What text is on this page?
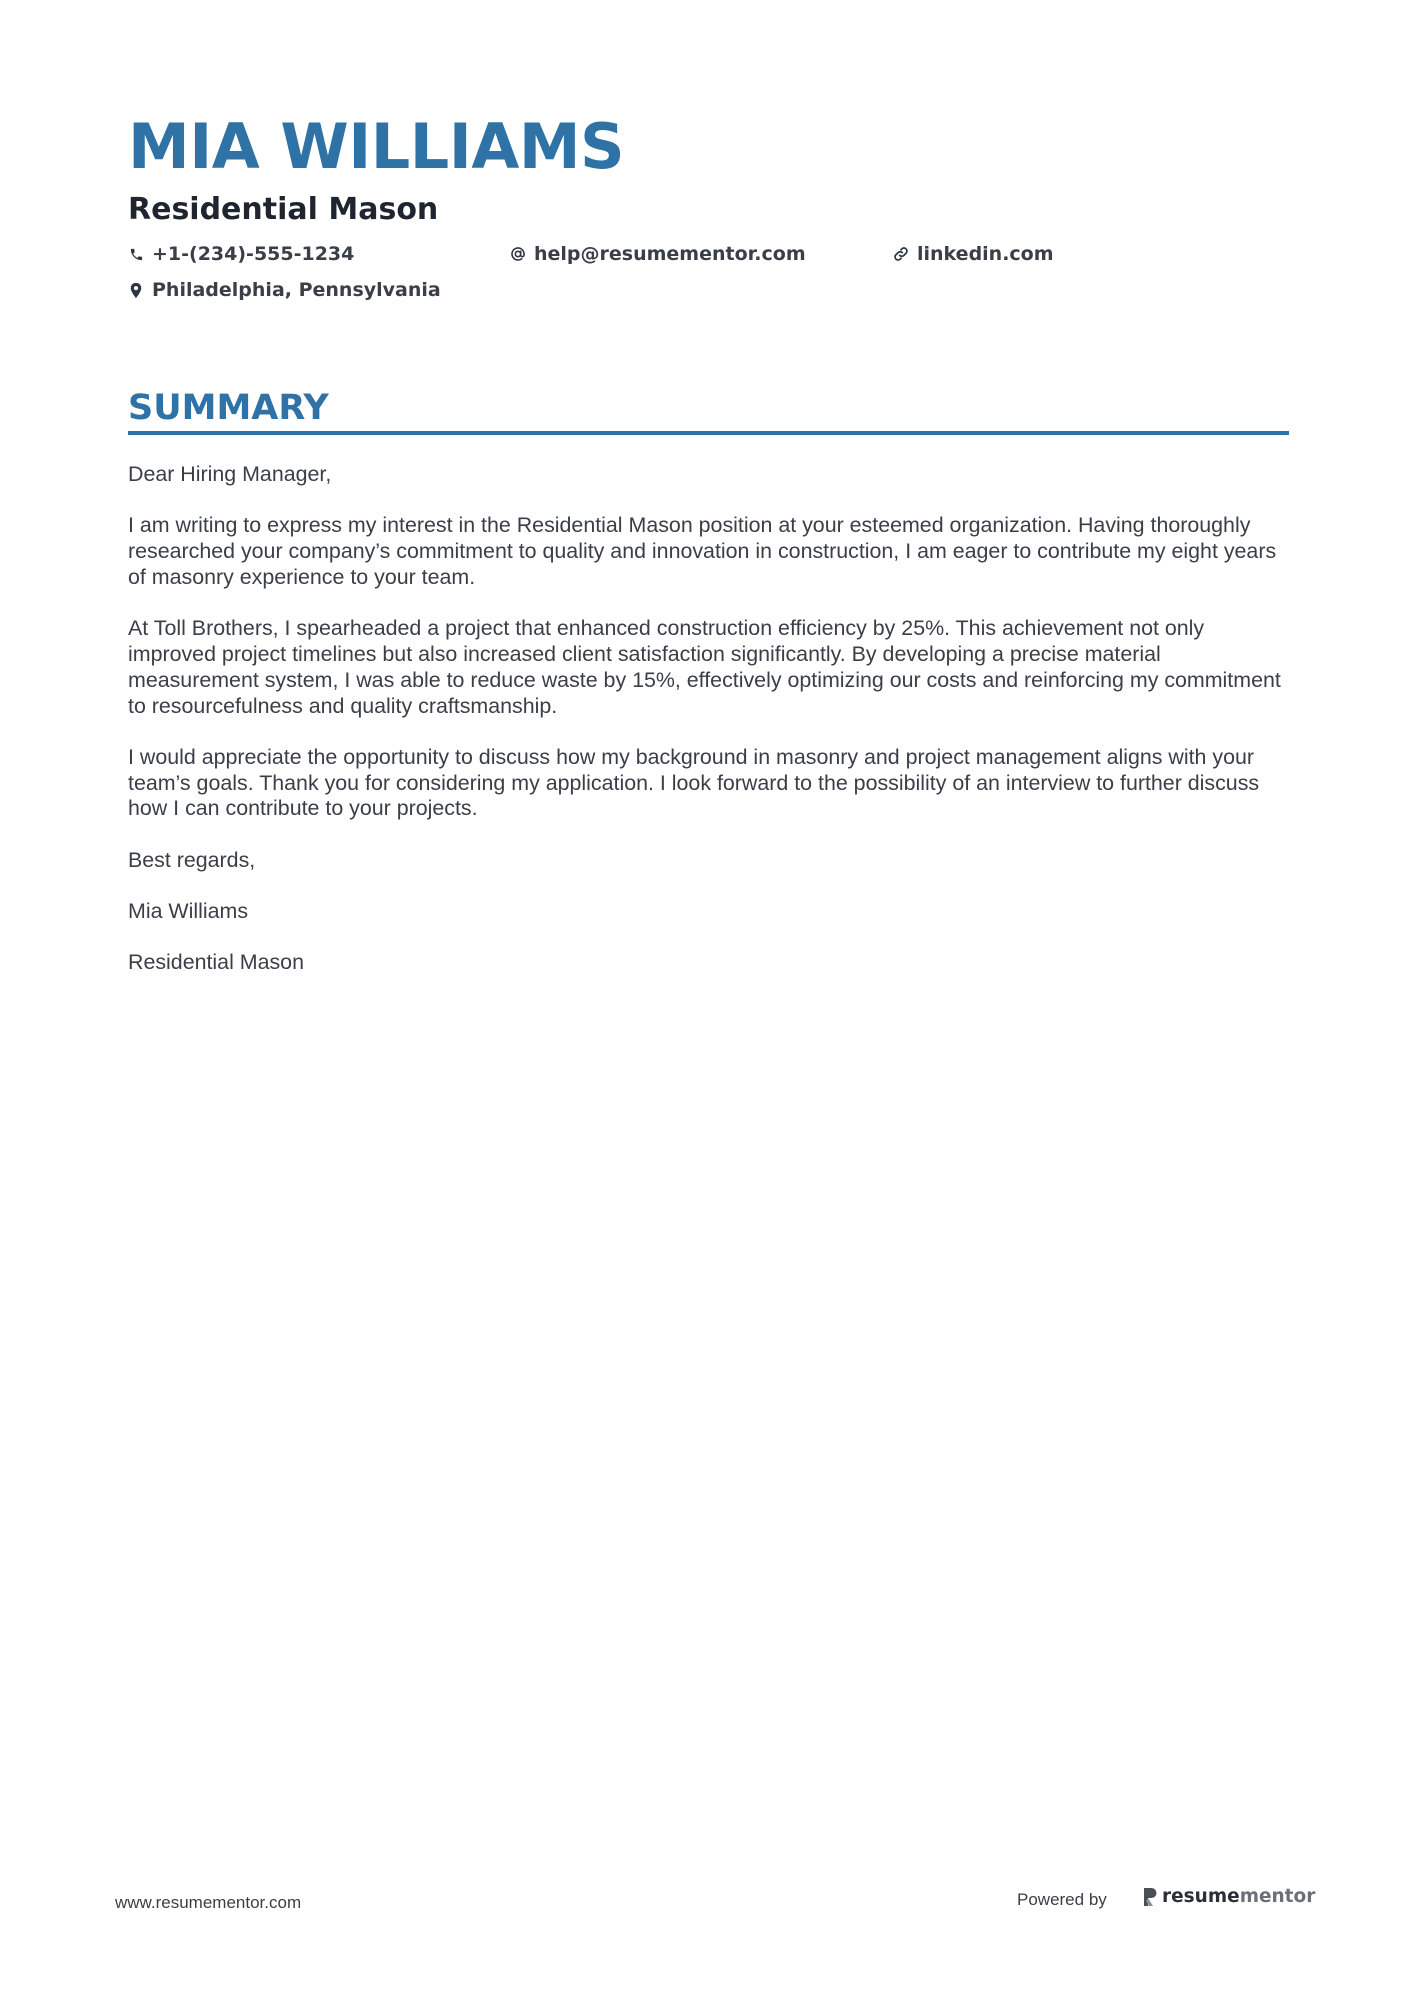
MIA WILLIAMS
Residential Mason
+1-(234)-555-1234	help@resumementor.com	linkedin.com
Philadelphia, Pennsylvania
SUMMARY

Dear Hiring Manager,

I am writing to express my interest in the Residential Mason position at your esteemed organization. Having thoroughly researched your company’s commitment to quality and innovation in construction, I am eager to contribute my eight years of masonry experience to your team.

At Toll Brothers, I spearheaded a project that enhanced construction efficiency by 25%. This achievement not only improved project timelines but also increased client satisfaction significantly. By developing a precise material measurement system, I was able to reduce waste by 15%, effectively optimizing our costs and reinforcing my commitment to resourcefulness and quality craftsmanship.

I would appreciate the opportunity to discuss how my background in masonry and project management aligns with your team’s goals. Thank you for considering my application. I look forward to the possibility of an interview to further discuss how I can contribute to your projects.

Best regards,

Mia Williams

Residential Mason

www.resumementor.com	Powered by	resume mentor
